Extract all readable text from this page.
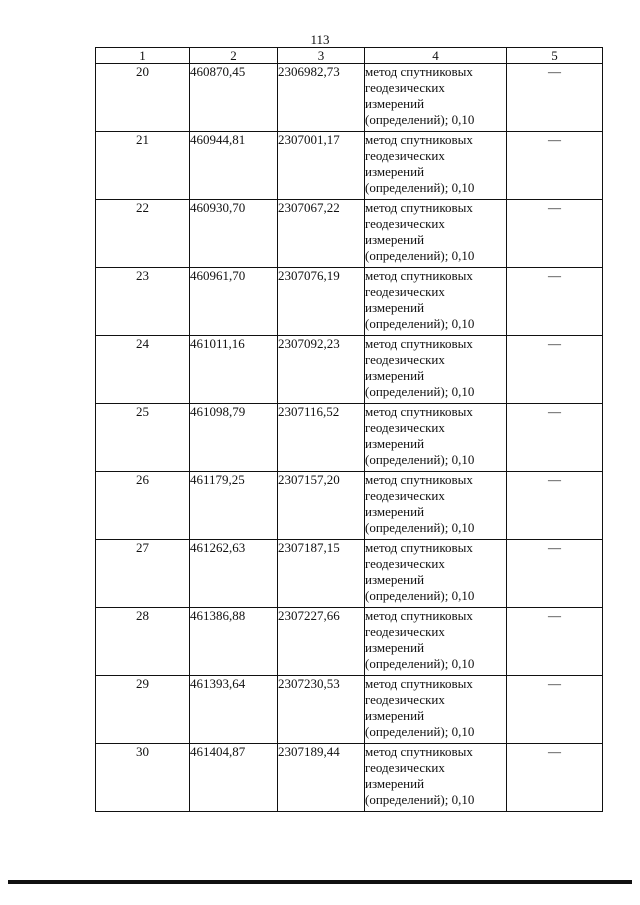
113
1	2	3	4	5
20	460870,45	2306982,73	метод спутниковых
геодезических
измерений
(определений); 0,10	—
21	460944,81	2307001,17	метод спутниковых
геодезических
измерений
(определений); 0,10	—
22	460930,70	2307067,22	метод спутниковых
геодезических
измерений
(определений); 0,10	—
23	460961,70	2307076,19	метод спутниковых
геодезических
измерений
(определений); 0,10	—
24	461011,16	2307092,23	метод спутниковых
геодезических
измерений
(определений); 0,10	—
25	461098,79	2307116,52	метод спутниковых
геодезических
измерений
(определений); 0,10	—
26	461179,25	2307157,20	метод спутниковых
геодезических
измерений
(определений); 0,10	—
27	461262,63	2307187,15	метод спутниковых
геодезических
измерений
(определений); 0,10	—
28	461386,88	2307227,66	метод спутниковых
геодезических
измерений
(определений); 0,10	—
29	461393,64	2307230,53	метод спутниковых
геодезических
измерений
(определений); 0,10	—
30	461404,87	2307189,44	метод спутниковых
геодезических
измерений
(определений); 0,10	—
